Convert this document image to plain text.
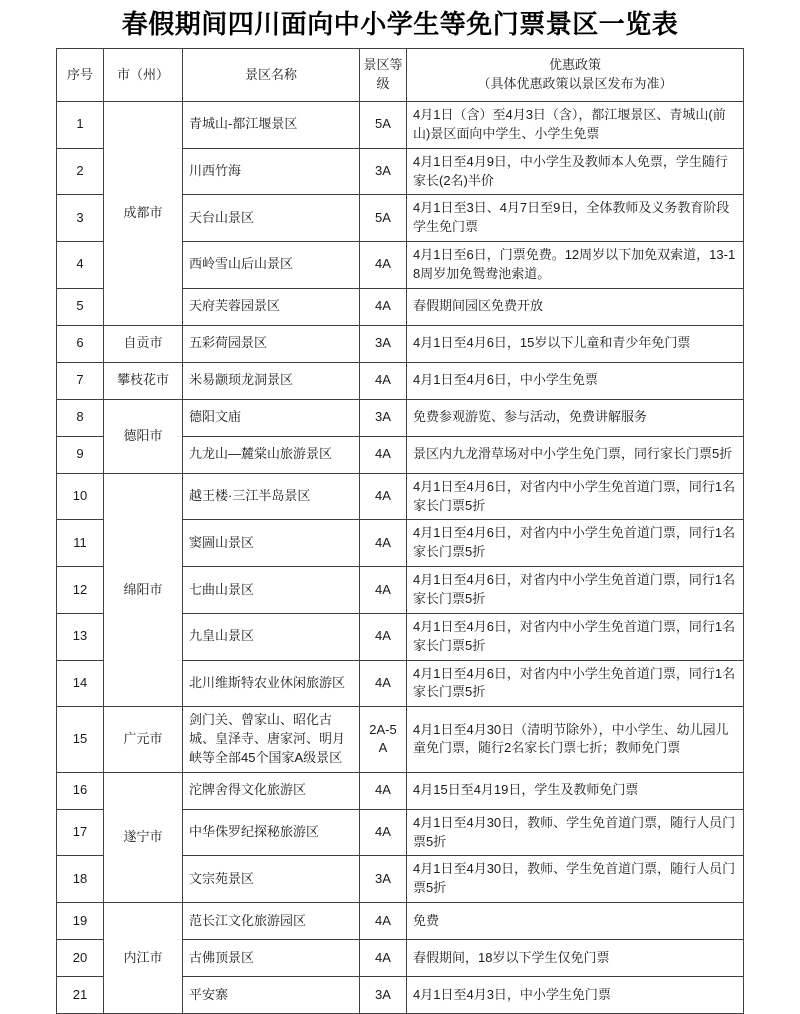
春假期间四川面向中小学生等免门票景区一览表
序号	市（州）	景区名称	景区等级	优惠政策
（具体优惠政策以景区发布为准）

1	成都市	青城山-都江堰景区	5A	4月1日（含）至4月3日（含），都江堰景区、青城山(前山)景区面向中学生、小学生免票
2		川西竹海	3A	4月1日至4月9日，中小学生及教师本人免票，学生随行家长(2名)半价
3		天台山景区	5A	4月1日至3日、4月7日至9日，全体教师及义务教育阶段学生免门票
4		西岭雪山后山景区	4A	4月1日至6日，门票免费。12周岁以下加免双索道，13-18周岁加免鸳鸯池索道。
5		天府芙蓉园景区	4A	春假期间园区免费开放
6	自贡市	五彩荷园景区	3A	4月1日至4月6日，15岁以下儿童和青少年免门票
7	攀枝花市	米易颛顼龙洞景区	4A	4月1日至4月6日，中小学生免票
8	德阳市	德阳文庙	3A	免费参观游览、参与活动，免费讲解服务
9		九龙山—麓棠山旅游景区	4A	景区内九龙滑草场对中小学生免门票，同行家长门票5折
10	绵阳市	越王楼·三江半岛景区	4A	4月1日至4月6日，对省内中小学生免首道门票，同行1名家长门票5折
11		窦圌山景区	4A	4月1日至4月6日，对省内中小学生免首道门票，同行1名家长门票5折
12		七曲山景区	4A	4月1日至4月6日，对省内中小学生免首道门票，同行1名家长门票5折
13		九皇山景区	4A	4月1日至4月6日，对省内中小学生免首道门票，同行1名家长门票5折
14		北川维斯特农业休闲旅游区	4A	4月1日至4月6日，对省内中小学生免首道门票，同行1名家长门票5折
15	广元市	剑门关、曾家山、昭化古城、皇泽寺、唐家河、明月峡等全部45个国家A级景区	2A-5A	4月1日至4月30日（清明节除外），中小学生、幼儿园儿童免门票，随行2名家长门票七折；教师免门票
16	遂宁市	沱牌舍得文化旅游区	4A	4月15日至4月19日，学生及教师免门票
17		中华侏罗纪探秘旅游区	4A	4月1日至4月30日，教师、学生免首道门票，随行人员门票5折
18		文宗苑景区	3A	4月1日至4月30日，教师、学生免首道门票，随行人员门票5折
19	内江市	范长江文化旅游园区	4A	免费
20		古佛顶景区	4A	春假期间，18岁以下学生仅免门票
21		平安寨	3A	4月1日至4月3日，中小学生免门票
